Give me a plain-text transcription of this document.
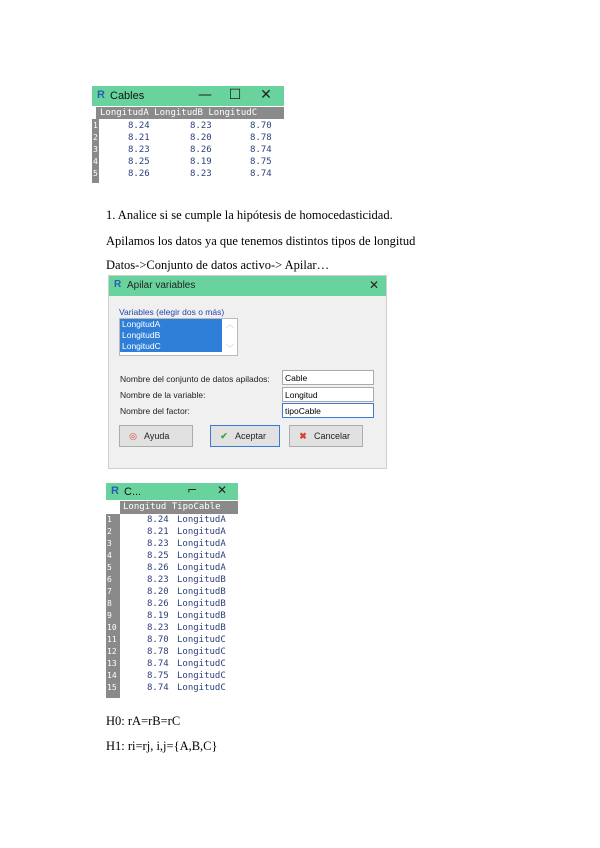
R Cables	— ☐ ✕
LongitudA LongitudB LongitudC
1	8.24	8.23	8.70
2	8.21	8.20	8.78
3	8.23	8.26	8.74
4	8.25	8.19	8.75
5	8.26	8.23	8.74
1. Analice si se cumple la hipótesis de homocedasticidad.
Apilamos los datos ya que tenemos distintos tipos de longitud
Datos->Conjunto de datos activo-> Apilar…
R Apilar variables	✕
Variables (elegir dos o más)
LongitudA
LongitudB
LongitudC
︿
﹀
Nombre del conjunto de datos apilados:	Cable
Nombre de la variable:	Longitud
Nombre del factor:	tipoCable
◎ Ayuda	✔ Aceptar	✖ Cancelar
R C...	⌐	✕
Longitud TipoCable
1	8.24 LongitudA
2	8.21 LongitudA
3	8.23 LongitudA
4	8.25 LongitudA
5	8.26 LongitudA
6	8.23 LongitudB
7	8.20 LongitudB
8	8.26 LongitudB
9	8.19 LongitudB
10	8.23 LongitudB
11	8.70 LongitudC
12	8.78 LongitudC
13	8.74 LongitudC
14	8.75 LongitudC
15	8.74 LongitudC
H0: rA=rB=rC
H1: ri=rj, i,j={A,B,C}
